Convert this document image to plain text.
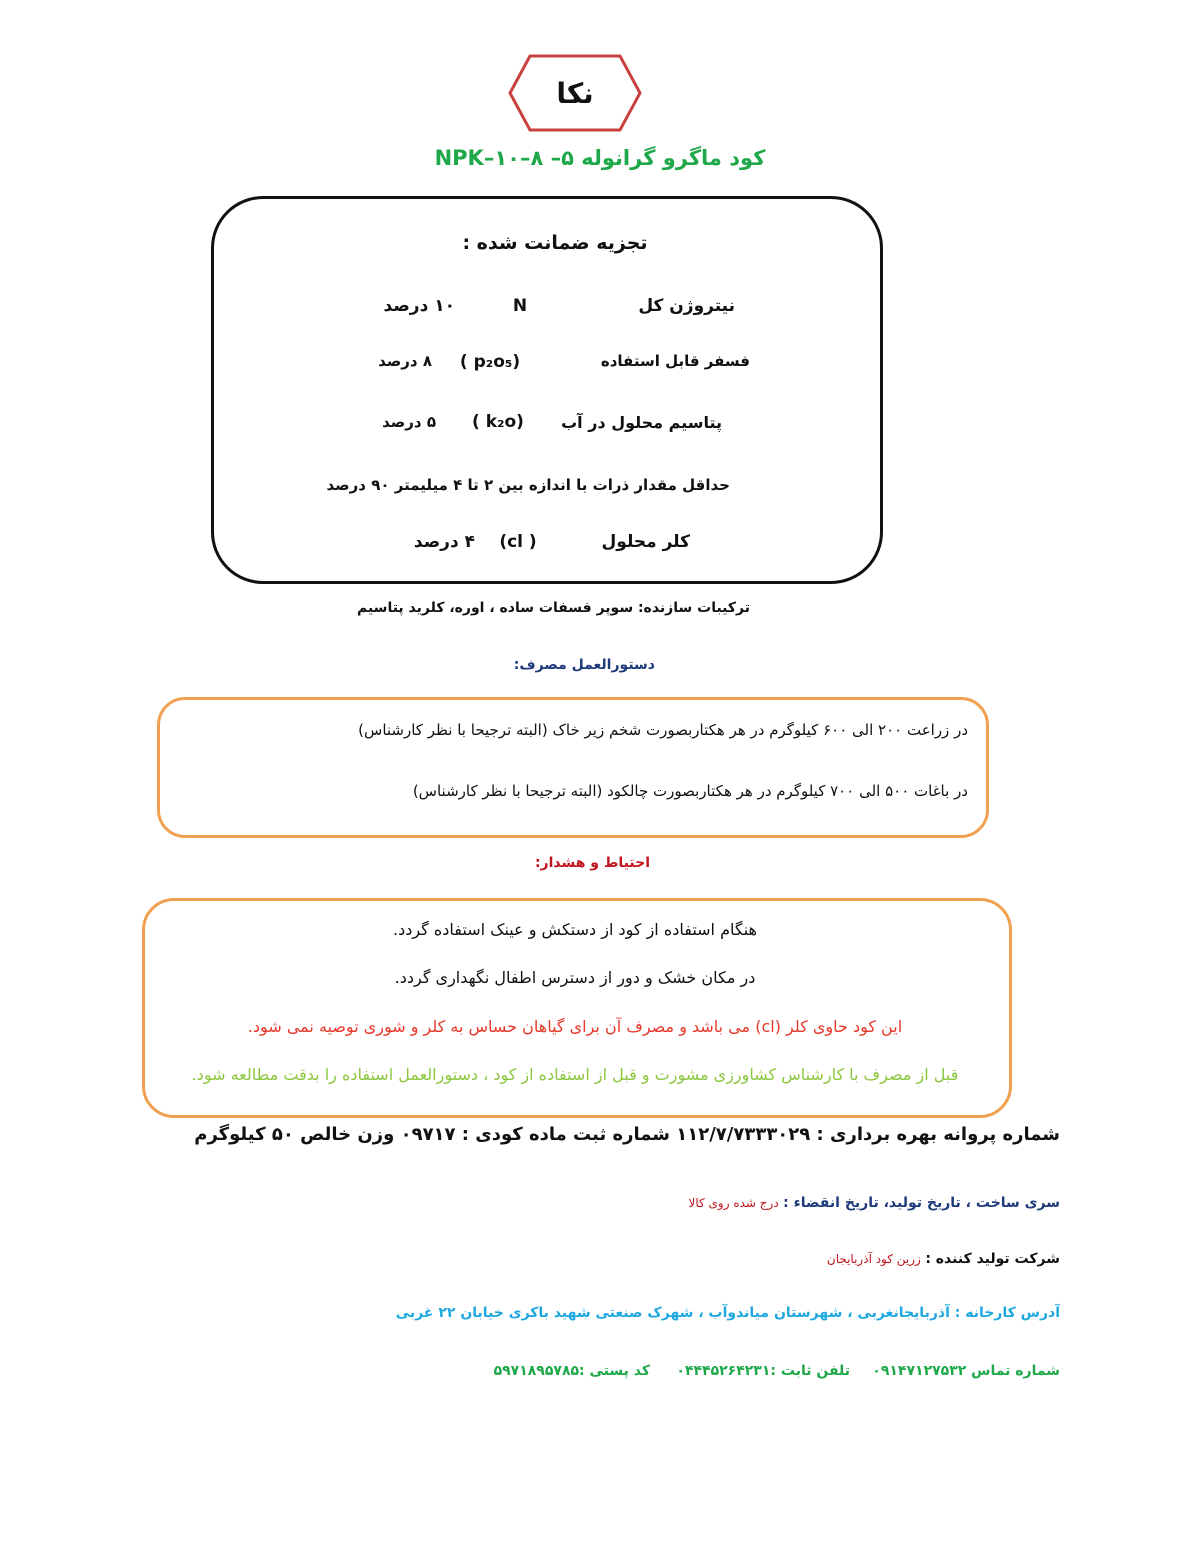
نکا
NPK–کود ماگرو گرانوله ۵– ۸–۱۰
تجزیه ضمانت شده :
نیتروژن کل
N
۱۰ درصد
فسفر قابل استفاده
( p₂o₅)
۸ درصد
پتاسیم محلول در آب
( k₂o)
۵ درصد
حداقل مقدار ذرات با اندازه بین ۲ تا ۴ میلیمتر ۹۰ درصد
کلر محلول
(cl )
۴ درصد
ترکیبات سازنده: سوپر فسفات ساده ، اوره، کلرید پتاسیم
دستورالعمل مصرف:
در زراعت ۲۰۰ الی ۶۰۰ کیلوگرم در هر هکتاربصورت شخم زیر خاک (البته ترجیحا با نظر کارشناس)
در باغات ۵۰۰ الی ۷۰۰ کیلوگرم در هر هکتاربصورت چالکود (البته ترجیحا با نظر کارشناس)
احتیاط و هشدار:
هنگام استفاده از کود از دستکش و عینک استفاده گردد.
در مکان خشک و دور از دسترس اطفال نگهداری گردد.
این کود حاوی کلر (cl) می باشد و مصرف آن برای گیاهان حساس به کلر و شوری توصیه نمی شود.
قبل از مصرف با کارشناس کشاورزی مشورت و قبل از استفاده از کود ، دستورالعمل استفاده را بدقت مطالعه شود.
شماره پروانه بهره برداری : ۱۱۲/۷/۷۳۳۳۰۲۹ شماره ثبت ماده کودی : ۰۹۷۱۷ وزن خالص ۵۰ کیلوگرم
سری ساخت ، تاریخ تولید، تاریخ انقضاء : درج شده روی کالا
شرکت تولید کننده : زرین کود آذربایجان
آدرس کارخانه : آذربایجانغربی ، شهرستان میاندوآب ، شهرک صنعتی شهید باکری خیابان ۲۲ غربی
شماره تماس ۰۹۱۴۷۱۲۷۵۳۲
تلفن ثابت :۰۴۴۴۵۲۶۴۲۳۱
کد پستی :۵۹۷۱۸۹۵۷۸۵
